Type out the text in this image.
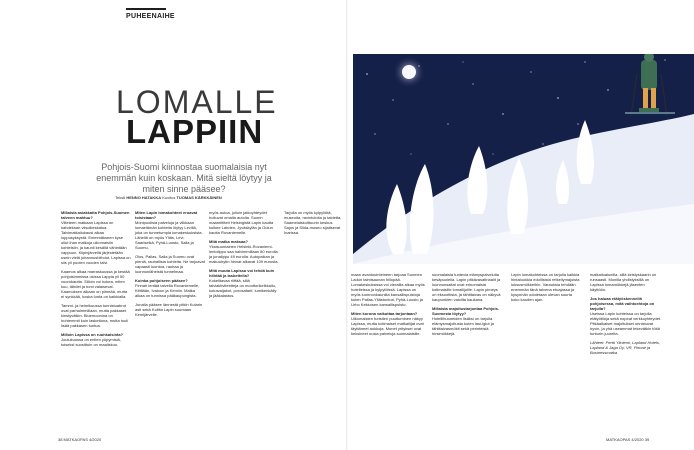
PUHEENAIHE
LOMALLE
LAPPIIN
Pohjois-Suomi kiinnostaa suomalaisia nyt enemmän kuin koskaan. Mitä sieltä löytyy ja miten sinne pääsee?
Teksti HENNO HATAKKA Kuvitus TUOMAS KÄRKKÄINEN

Millaisia asiakkaita Pohjois-Suomen talveen mahtuu?
Viiteteen matkaan Lapissa on kahdeksan viisoikeskatua. Talvimatkailukausi alkaa loppusyksystä. Enimmäkseen kyse ollut ihan matkoja ulkomaisiin kohteisiin, ja kaunii kesällä vähintään vappuun. Kilpinjärvellä järjestetään usein vielä juhannushiihdot. Lapissa on siis yli puolen vuoden talvi.

Kaamos alkaa marraskuussa ja kestää pohjoisimmissa osissa Lappia yli 50 vuorokautta. Silloin voi kokea, miten kuu, tähdet ja tumi valaisevat. Kaamoksen aikaan on pimeää, mutta ei synkkää, koska lunta on kaikkialla.

Tammi- ja helmikuussa tunnistuabrot ovat parhaimmillaan, mutta pakkaset kiristyvätkin. Bluemoonina on huhtemmit kuin laskettuna, mutta tuuli lisää pakkasen tuntua.

Milloin Lapissa on ruuhkaisinta?
Joulukuussa on eniten yöpymisiä, toiseksi suosittuin on maaliskuu.

Miten Lapin lomakohteet eroavat toisistaan?
Monipuolisia palveluja ja vilkkaan lomaelämän kohteita löytyy Levillä, joka on tunnetumpia lomakeskuksista. Lähellä on myös Ylläs, Levi, Saariselkä, Pyhä-Luosto, Salla ja Suomu.

Olos, Pallas, Salla ja Suomu ovat pieniä, rauhallisia kohteita. Ne tarjoavat vapaasti luontoa, rauhaa ja luonnonläheistä tunnelmaa.

Kuinka pohjoiseen pääsee?
Finnair lentää talvella Rovaniemelle, Kittilään, Ivaloon ja Kemiin. Matka alkaa on tunnissa pääkaupungista.

Junalla pääsee lännestä pitkin Kolarin asti sekä Kolilta Lapin suuntaan Kemijärvelle.

myös autoa, jolloin jatkoyhteydet hoituvat omalla autolla. Suorin maareittiteit Helsingistä Lapin kautta kulkee Lahden, Jyväskylän ja Oulun kautta Rovaniemelle.

Mitä matka maksaa?
Yksisuuntainen Helsinki-Rovaniemi-lentolippu saa halvimmillaan 80 eurolla ja junalippu 49 eurolla. Autopaikan ja makuuhytin hinnat alkavat 109 eurosta.

Mitä muuta Lapissa voi tehdä kuin hiihtää ja laskettella?
Kokeiltavaa riittää, sillä talviaktiviteetteja on moottorikelkkailu, koiravaljakot, porosafarit, lumikenkäily ja jääkalastus.

Tarjolla on myös kylpylöitä, museoita, ravintoloita ja taidetta. Saamelaiskulttuurin keskus Sajos ja Siida-museo sijaitsevat Inarissa.

maan avantouinteineen tarjoaa Suomen Ladun taimisaunan hiilupää. Lomakeskuksissa voi vierailla alkaa myös hotelleissa ja kylpylöissä. Lapissa on myös luonnonkauniita kansallispuistoja kuten Pallas-Yllästunturi, Pyhä-Luosto ja Urho Kekkosen kansallispuisto.

Miten korona vaikuttaa tarjontaan?
Ulkomaisten turistien puuttuminen näkyy Lapissa, mutta kotimaiset matkailijat ovat täyttäneet aukkoja. Monet yritykset ovat keksineet uusia palveluja suomalaisille.

suomalaisia tuntevia elämyspalveluita kesäpuolella. Lapin pitkävasatiriaalit ja luonnonsaitat ovat erinomaisia kotimaisille lomailijoille. Lapin pimeys on eksoottista, ja tähtitaivas on näkyvä kaupunkien valoilta kaukana.

Millaista majoitustarjontaa Pohjois-Suomesta löytyy?
Hotellihuoneiden lisäksi on tarjolla elämysmajoitusta kuten lasi-iglut ja tähtitaivasmökit sekä perinteisiä hirsimökkejä.

Lapin lomakohteissa on tarjolla kaikkia hintaluokkia edullisista retkeilymajoista luksusmökkeihin. Varauksia tehdään enemmän tänä talvena etuajassa ja kysynnän odotetaan olevan suurta koko kauden ajan.

matkailualueilla, sillä kiristyskaarin on runsaasti. Monilla yhdistyksillä on Lapissa lomamökkejä jäsenten käyttöön.

Jos haluaa etätyöskennellä pohjoisessa, mitä vaihtoehtoja on tarjolla?
Useissa Lapin kohteissa on tarjolla etätyötiloja sekä nopeat verkkoyhteydet. Pitkäaikaiset majoitukset onnistuvat hyvin, ja yhä useammat tekevätkin töitä tunturin juurelta.

Lähteet: Pertti Yliniemi, Lapland Hotels, Lapland & Jaga Oy, VR, Finnair ja Businessmatka

38 MATKAOPAS 4/2020	MATKAOPAS 4/2020 39
